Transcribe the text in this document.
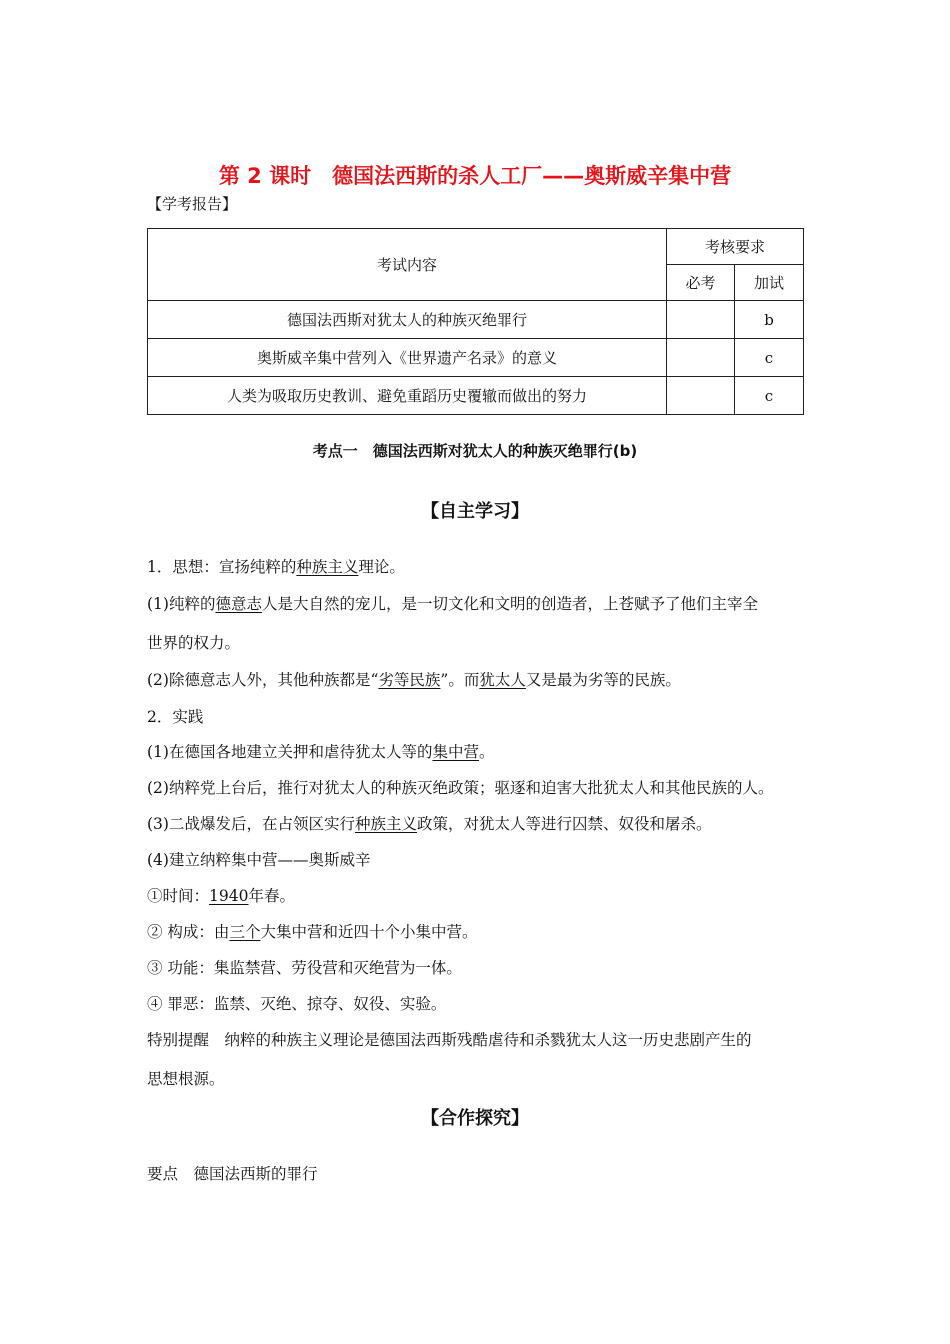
第 2 课时　德国法西斯的杀人工厂——奥斯威辛集中营
【学考报告】
考试内容	考核要求	
	必考	加试
德国法西斯对犹太人的种族灭绝罪行		b
奥斯威辛集中营列入《世界遗产名录》的意义		c
人类为吸取历史教训、避免重蹈历史覆辙而做出的努力		c
考点一　德国法西斯对犹太人的种族灭绝罪行(b)
【自主学习】
1．思想：宣扬纯粹的种族主义理论。
(1)纯粹的德意志人是大自然的宠儿，是一切文化和文明的创造者，上苍赋予了他们主宰全
世界的权力。
(2)除德意志人外，其他种族都是“劣等民族”。而犹太人又是最为劣等的民族。
2．实践
(1)在德国各地建立关押和虐待犹太人等的集中营。
(2)纳粹党上台后，推行对犹太人的种族灭绝政策；驱逐和迫害大批犹太人和其他民族的人。
(3)二战爆发后，在占领区实行种族主义政策，对犹太人等进行囚禁、奴役和屠杀。
(4)建立纳粹集中营——奥斯威辛
①时间：1940年春。
② 构成：由三个大集中营和近四十个小集中营。
③ 功能：集监禁营、劳役营和灭绝营为一体。
④ 罪恶：监禁、灭绝、掠夺、奴役、实验。
特别提醒　纳粹的种族主义理论是德国法西斯残酷虐待和杀戮犹太人这一历史悲剧产生的
思想根源。
【合作探究】
要点　德国法西斯的罪行
